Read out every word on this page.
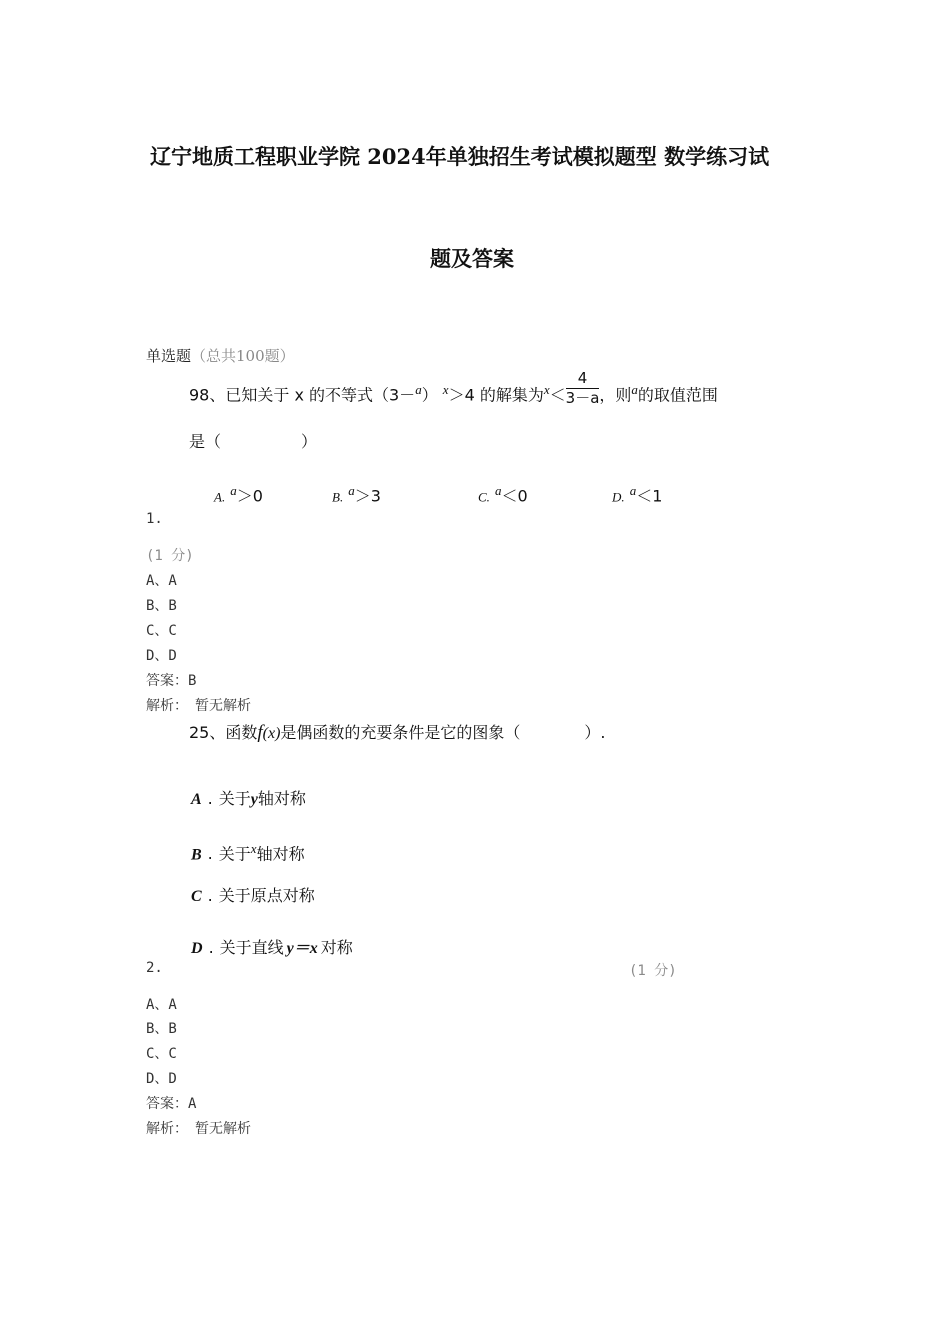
辽宁地质工程职业学院 2024年单独招生考试模拟题型 数学练习试
题及答案
单选题（总共100题）
98、已知关于 x 的不等式（3－$^a$） $^x$＞4 的解集为$^x< \frac{4}{3-a}$ ，则$^a$的取值范围
是（　　　　　）
A. $^a$＞0	B. $^a$＞3	C. $^a$＜0	D. $^a$＜1
1.
(1 分)
A、A
B、B
C、C
D、D
答案：B
解析：　暂无解析
25、函数f(x)是偶函数的充要条件是它的图象（　　　　）.
A . 关于y轴对称
B . 关于$^x$轴对称
C . 关于原点对称
D . 关于直线 y＝x 对称
2.	(1 分)
A、A
B、B
C、C
D、D
答案：A
解析：　暂无解析
